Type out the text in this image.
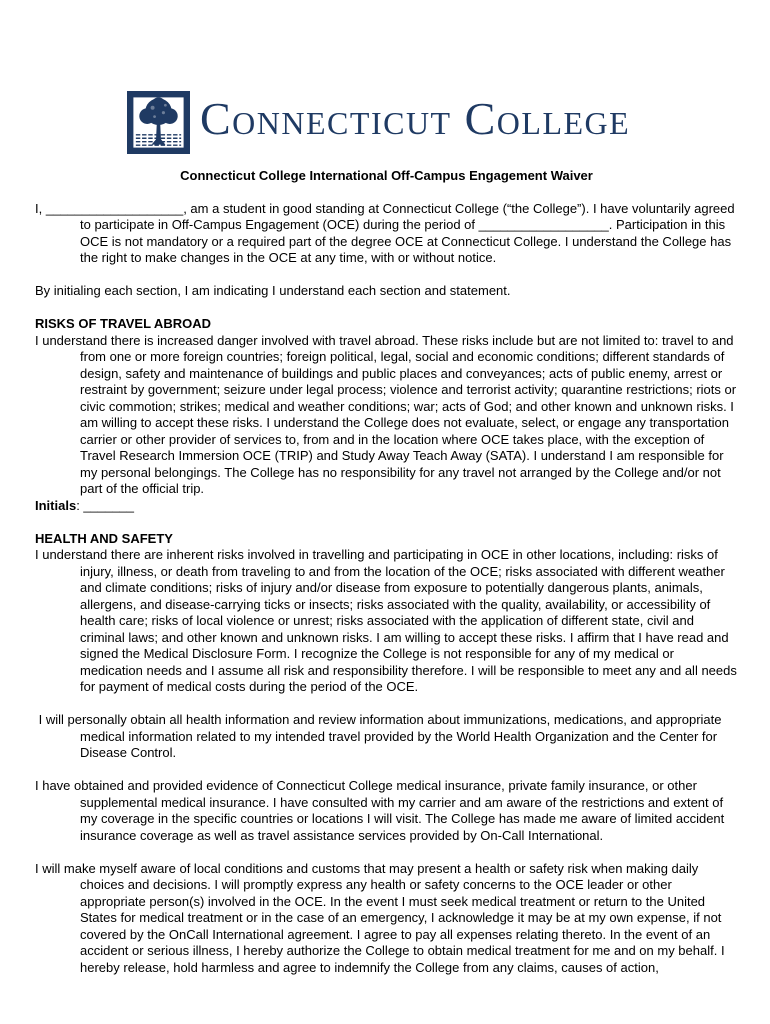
Connecticut College
Connecticut College International Off-Campus Engagement Waiver

I, ___________________, am a student in good standing at Connecticut College (“the College”). I have voluntarily agreed to participate in Off-Campus Engagement (OCE) during the period of __________________. Participation in this OCE is not mandatory or a required part of the degree OCE at Connecticut College. I understand the College has the right to make changes in the OCE at any time, with or without notice.

By initialing each section, I am indicating I understand each section and statement.

RISKS OF TRAVEL ABROAD

I understand there is increased danger involved with travel abroad. These risks include but are not limited to: travel to and from one or more foreign countries; foreign political, legal, social and economic conditions; different standards of design, safety and maintenance of buildings and public places and conveyances; acts of public enemy, arrest or restraint by government; seizure under legal process; violence and terrorist activity; quarantine restrictions; riots or civic commotion; strikes; medical and weather conditions; war; acts of God; and other known and unknown risks. I am willing to accept these risks. I understand the College does not evaluate, select, or engage any transportation carrier or other provider of services to, from and in the location where OCE takes place, with the exception of Travel Research Immersion OCE (TRIP) and Study Away Teach Away (SATA). I understand I am responsible for my personal belongings. The College has no responsibility for any travel not arranged by the College and/or not part of the official trip.

Initials: _______

HEALTH AND SAFETY

I understand there are inherent risks involved in travelling and participating in OCE in other locations, including: risks of injury, illness, or death from traveling to and from the location of the OCE; risks associated with different weather and climate conditions; risks of injury and/or disease from exposure to potentially dangerous plants, animals, allergens, and disease-carrying ticks or insects; risks associated with the quality, availability, or accessibility of health care; risks of local violence or unrest; risks associated with the application of different state, civil and criminal laws; and other known and unknown risks. I am willing to accept these risks. I affirm that I have read and signed the Medical Disclosure Form. I recognize the College is not responsible for any of my medical or medication needs and I assume all risk and responsibility therefore. I will be responsible to meet any and all needs for payment of medical costs during the period of the OCE.

I will personally obtain all health information and review information about immunizations, medications, and appropriate medical information related to my intended travel provided by the World Health Organization and the Center for Disease Control.

I have obtained and provided evidence of Connecticut College medical insurance, private family insurance, or other supplemental medical insurance. I have consulted with my carrier and am aware of the restrictions and extent of my coverage in the specific countries or locations I will visit. The College has made me aware of limited accident insurance coverage as well as travel assistance services provided by On-Call International.

I will make myself aware of local conditions and customs that may present a health or safety risk when making daily choices and decisions. I will promptly express any health or safety concerns to the OCE leader or other appropriate person(s) involved in the OCE. In the event I must seek medical treatment or return to the United States for medical treatment or in the case of an emergency, I acknowledge it may be at my own expense, if not covered by the OnCall International agreement. I agree to pay all expenses relating thereto. In the event of an accident or serious illness, I hereby authorize the College to obtain medical treatment for me and on my behalf. I hereby release, hold harmless and agree to indemnify the College from any claims, causes of action,
